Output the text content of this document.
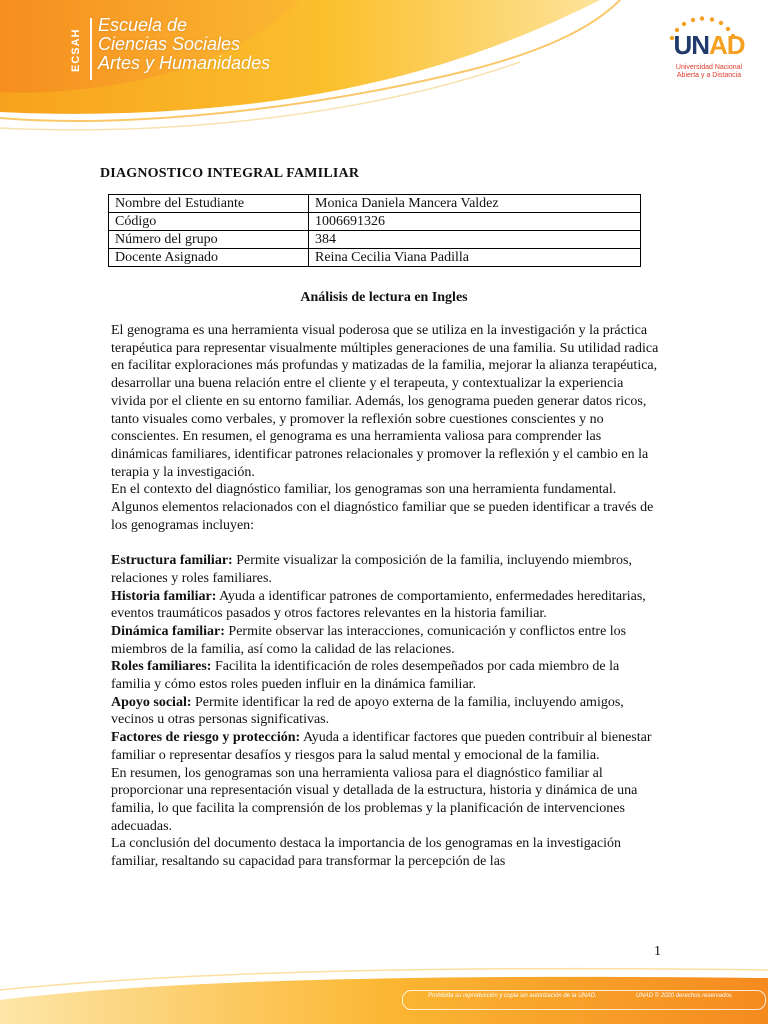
ECSAH
Escuela de
Ciencias Sociales
Artes y Humanidades
UNAD
Universidad Nacional
Abierta y a Distancia
DIAGNOSTICO INTEGRAL FAMILIAR
Nombre del Estudiante	Monica Daniela Mancera Valdez
Código	1006691326
Número del grupo	384
Docente Asignado	Reina Cecilia Viana Padilla
Análisis de lectura en Ingles

El genograma es una herramienta visual poderosa que se utiliza en la investigación y la práctica terapéutica para representar visualmente múltiples generaciones de una familia. Su utilidad radica en facilitar exploraciones más profundas y matizadas de la familia, mejorar la alianza terapéutica, desarrollar una buena relación entre el cliente y el terapeuta, y contextualizar la experiencia vivida por el cliente en su entorno familiar. Además, los genograma pueden generar datos ricos, tanto visuales como verbales, y promover la reflexión sobre cuestiones conscientes y no conscientes. En resumen, el genograma es una herramienta valiosa para comprender las dinámicas familiares, identificar patrones relacionales y promover la reflexión y el cambio en la terapia y la investigación.

En el contexto del diagnóstico familiar, los genogramas son una herramienta fundamental. Algunos elementos relacionados con el diagnóstico familiar que se pueden identificar a través de los genogramas incluyen:

Estructura familiar: Permite visualizar la composición de la familia, incluyendo miembros, relaciones y roles familiares.

Historia familiar: Ayuda a identificar patrones de comportamiento, enfermedades hereditarias, eventos traumáticos pasados y otros factores relevantes en la historia familiar.

Dinámica familiar: Permite observar las interacciones, comunicación y conflictos entre los miembros de la familia, así como la calidad de las relaciones.

Roles familiares: Facilita la identificación de roles desempeñados por cada miembro de la familia y cómo estos roles pueden influir en la dinámica familiar.

Apoyo social: Permite identificar la red de apoyo externa de la familia, incluyendo amigos, vecinos u otras personas significativas.

Factores de riesgo y protección: Ayuda a identificar factores que pueden contribuir al bienestar familiar o representar desafíos y riesgos para la salud mental y emocional de la familia.

En resumen, los genogramas son una herramienta valiosa para el diagnóstico familiar al proporcionar una representación visual y detallada de la estructura, historia y dinámica de una familia, lo que facilita la comprensión de los problemas y la planificación de intervenciones adecuadas.

La conclusión del documento destaca la importancia de los genogramas en la investigación familiar, resaltando su capacidad para transformar la percepción de las

1
Prohibida su reproducción y copia sin autorización de la UNAD.	UNAD © 2020 derechos reservados
